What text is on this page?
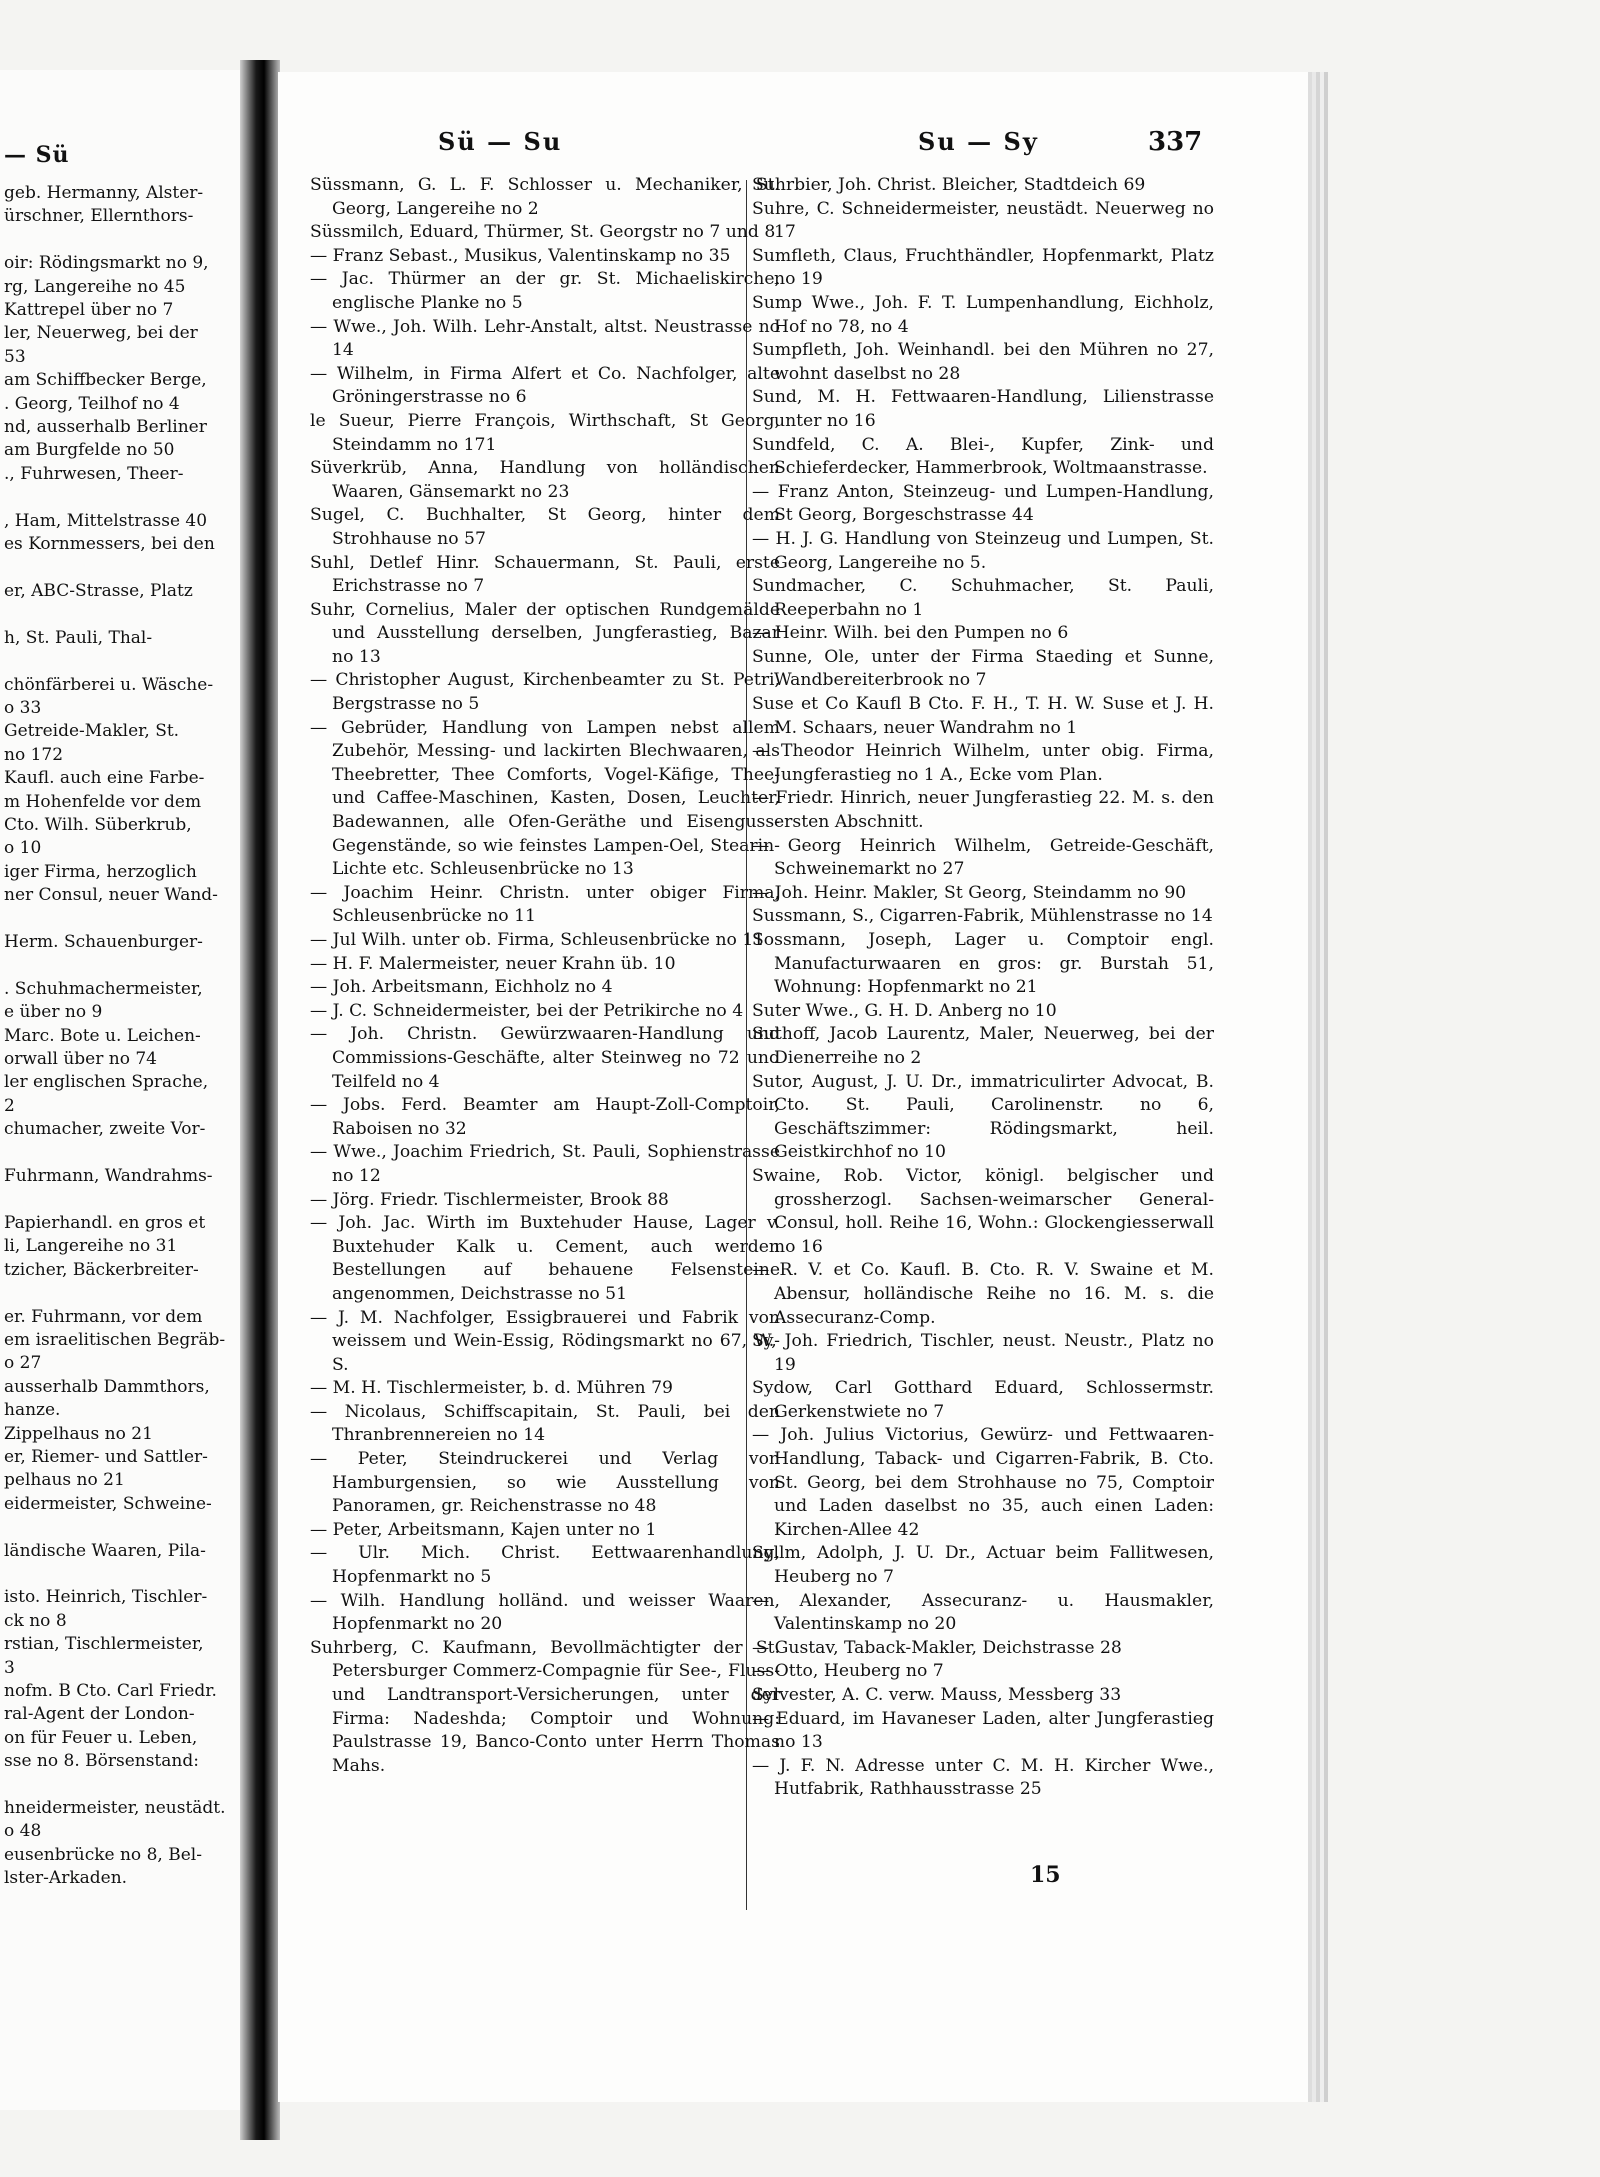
— Sü
geb. Hermanny, Alster-
ürschner, Ellernthors-

oir: Rödingsmarkt no 9,
rg, Langereihe no 45
Kattrepel über no 7
ler, Neuerweg, bei der
53
am Schiffbecker Berge,
. Georg, Teilhof no 4
nd, ausserhalb Berliner
am Burgfelde no 50
., Fuhrwesen, Theer-

, Ham, Mittelstrasse 40
es Kornmessers, bei den

er, ABC-Strasse, Platz

h, St. Pauli, Thal-

chönfärberei u. Wäsche-
o 33
Getreide-Makler, St.
no 172
Kaufl. auch eine Farbe-
m Hohenfelde vor dem
Cto. Wilh. Süberkrub,
o 10
iger Firma, herzoglich
ner Consul, neuer Wand-

Herm. Schauenburger-

. Schuhmachermeister,
e über no 9
Marc. Bote u. Leichen-
orwall über no 74
ler englischen Sprache,
2
chumacher, zweite Vor-

Fuhrmann, Wandrahms-

Papierhandl. en gros et
li, Langereihe no 31
tzicher, Bäckerbreiter-

er. Fuhrmann, vor dem
em israelitischen Begräb-
o 27
ausserhalb Dammthors,
hanze.
Zippelhaus no 21
er, Riemer- und Sattler-
pelhaus no 21
eidermeister, Schweine-

ländische Waaren, Pila-

isto. Heinrich, Tischler-
ck no 8
rstian, Tischlermeister,
3
nofm. B Cto. Carl Friedr.
ral-Agent der London-
on für Feuer u. Leben,
sse no 8. Börsenstand:

hneidermeister, neustädt.
o 48
eusenbrücke no 8, Bel-
lster-Arkaden.
Sü — Su	Su — Sy	337
Süssmann, G. L. F. Schlosser u. Mechaniker, St. Georg, Langereihe no 2
Süssmilch, Eduard, Thürmer, St. Georgstr no 7 und 8
— Franz Sebast., Musikus, Valentinskamp no 35
— Jac. Thürmer an der gr. St. Michaeliskirche, englische Planke no 5
— Wwe., Joh. Wilh. Lehr-Anstalt, altst. Neustrasse no 14
— Wilhelm, in Firma Alfert et Co. Nachfolger, alte Gröningerstrasse no 6
le Sueur, Pierre François, Wirthschaft, St Georg, Steindamm no 171
Süverkrüb, Anna, Handlung von holländischen Waaren, Gänsemarkt no 23
Sugel, C. Buchhalter, St Georg, hinter dem Strohhause no 57
Suhl, Detlef Hinr. Schauermann, St. Pauli, erste Erichstrasse no 7
Suhr, Cornelius, Maler der optischen Rundgemälde und Ausstellung derselben, Jungferastieg, Bazar no 13
— Christopher August, Kirchenbeamter zu St. Petri, Bergstrasse no 5
— Gebrüder, Handlung von Lampen nebst allem Zubehör, Messing- und lackirten Blechwaaren, als Theebretter, Thee Comforts, Vogel-Käfige, Thee- und Caffee-Maschinen, Kasten, Dosen, Leuchter, Badewannen, alle Ofen-Geräthe und Eisenguss-Gegenstände, so wie feinstes Lampen-Oel, Stearin-Lichte etc. Schleusenbrücke no 13
— Joachim Heinr. Christn. unter obiger Firma, Schleusenbrücke no 11
— Jul Wilh. unter ob. Firma, Schleusenbrücke no 11
— H. F. Malermeister, neuer Krahn üb. 10
— Joh. Arbeitsmann, Eichholz no 4
— J. C. Schneidermeister, bei der Petrikirche no 4
— Joh. Christn. Gewürzwaaren-Handlung und Commissions-Geschäfte, alter Steinweg no 72 und Teilfeld no 4
— Jobs. Ferd. Beamter am Haupt-Zoll-Comptoir, Raboisen no 32
— Wwe., Joachim Friedrich, St. Pauli, Sophienstrasse no 12
— Jörg. Friedr. Tischlermeister, Brook 88
— Joh. Jac. Wirth im Buxtehuder Hause, Lager v. Buxtehuder Kalk u. Cement, auch werden Bestellungen auf behauene Felsensteine angenommen, Deichstrasse no 51
— J. M. Nachfolger, Essigbrauerei und Fabrik von weissem und Wein-Essig, Rödingsmarkt no 67, W.-S.
— M. H. Tischlermeister, b. d. Mühren 79
— Nicolaus, Schiffscapitain, St. Pauli, bei den Thranbrennereien no 14
— Peter, Steindruckerei und Verlag von Hamburgensien, so wie Ausstellung von Panoramen, gr. Reichenstrasse no 48
— Peter, Arbeitsmann, Kajen unter no 1
— Ulr. Mich. Christ. Eettwaarenhandlung, Hopfenmarkt no 5
— Wilh. Handlung holländ. und weisser Waaren, Hopfenmarkt no 20
Suhrberg, C. Kaufmann, Bevollmächtigter der St. Petersburger Commerz-Compagnie für See-, Fluss- und Landtransport-Versicherungen, unter der Firma: Nadeshda; Comptoir und Wohnung: Paulstrasse 19, Banco-Conto unter Herrn Thomas Mahs.
Suhrbier, Joh. Christ. Bleicher, Stadtdeich 69
Suhre, C. Schneidermeister, neustädt. Neuerweg no 17
Sumfleth, Claus, Fruchthändler, Hopfenmarkt, Platz no 19
Sump Wwe., Joh. F. T. Lumpenhandlung, Eichholz, Hof no 78, no 4
Sumpfleth, Joh. Weinhandl. bei den Mühren no 27, wohnt daselbst no 28
Sund, M. H. Fettwaaren-Handlung, Lilienstrasse unter no 16
Sundfeld, C. A. Blei-, Kupfer, Zink- und Schieferdecker, Hammerbrook, Woltmaanstrasse.
— Franz Anton, Steinzeug- und Lumpen-Handlung, St Georg, Borgeschstrasse 44
— H. J. G. Handlung von Steinzeug und Lumpen, St. Georg, Langereihe no 5.
Sundmacher, C. Schuhmacher, St. Pauli, Reeperbahn no 1
— Heinr. Wilh. bei den Pumpen no 6
Sunne, Ole, unter der Firma Staeding et Sunne, Wandbereiterbrook no 7
Suse et Co Kaufl B Cto. F. H., T. H. W. Suse et J. H. M. Schaars, neuer Wandrahm no 1
— Theodor Heinrich Wilhelm, unter obig. Firma, Jungferastieg no 1 A., Ecke vom Plan.
— Friedr. Hinrich, neuer Jungferastieg 22. M. s. den ersten Abschnitt.
— Georg Heinrich Wilhelm, Getreide-Geschäft, Schweinemarkt no 27
— Joh. Heinr. Makler, St Georg, Steindamm no 90
Sussmann, S., Cigarren-Fabrik, Mühlenstrasse no 14
Sossmann, Joseph, Lager u. Comptoir engl. Manufacturwaaren en gros: gr. Burstah 51, Wohnung: Hopfenmarkt no 21
Suter Wwe., G. H. D. Anberg no 10
Suthoff, Jacob Laurentz, Maler, Neuerweg, bei der Dienerreihe no 2
Sutor, August, J. U. Dr., immatriculirter Advocat, B. Cto. St. Pauli, Carolinenstr. no 6, Geschäftszimmer: Rödingsmarkt, heil. Geistkirchhof no 10
Swaine, Rob. Victor, königl. belgischer und grossherzogl. Sachsen-weimarscher General-Consul, holl. Reihe 16, Wohn.: Glockengiesserwall no 16
— R. V. et Co. Kaufl. B. Cto. R. V. Swaine et M. Abensur, holländische Reihe no 16. M. s. die Assecuranz-Comp.
Sy, Joh. Friedrich, Tischler, neust. Neustr., Platz no 19
Sydow, Carl Gotthard Eduard, Schlossermstr. Gerkenstwiete no 7
— Joh. Julius Victorius, Gewürz- und Fettwaaren-Handlung, Taback- und Cigarren-Fabrik, B. Cto. St. Georg, bei dem Strohhause no 75, Comptoir und Laden daselbst no 35, auch einen Laden: Kirchen-Allee 42
Syllm, Adolph, J. U. Dr., Actuar beim Fallitwesen, Heuberg no 7
— Alexander, Assecuranz- u. Hausmakler, Valentinskamp no 20
— Gustav, Taback-Makler, Deichstrasse 28
— Otto, Heuberg no 7
Sylvester, A. C. verw. Mauss, Messberg 33
— Eduard, im Havaneser Laden, alter Jungferastieg no 13
— J. F. N. Adresse unter C. M. H. Kircher Wwe., Hutfabrik, Rathhausstrasse 25
15
